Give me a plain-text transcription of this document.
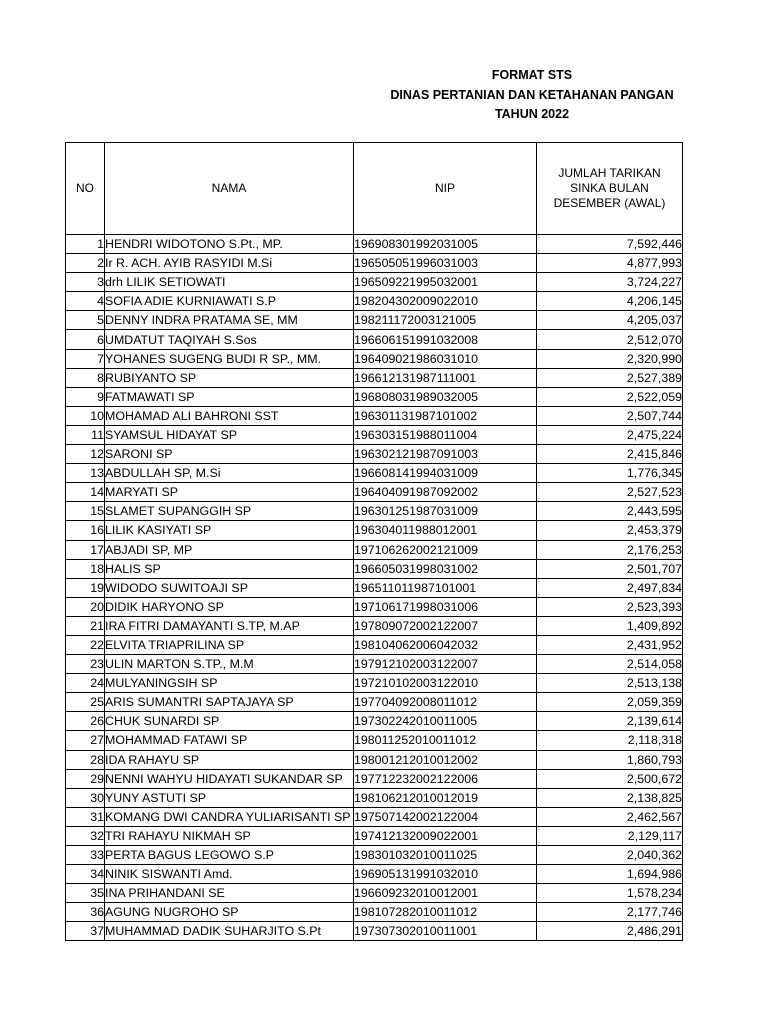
FORMAT STS
DINAS PERTANIAN DAN KETAHANAN PANGAN
TAHUN 2022
NO	NAMA	NIP	JUMLAH TARIKAN SINKA BULAN DESEMBER (AWAL)
1	HENDRI WIDOTONO S.Pt., MP.	196908301992031005	7,592,446
2	Ir R. ACH. AYIB RASYIDI M.Si	196505051996031003	4,877,993
3	drh LILIK SETIOWATI	196509221995032001	3,724,227
4	SOFIA ADIE KURNIAWATI S.P	198204302009022010	4,206,145
5	DENNY INDRA PRATAMA SE, MM	198211172003121005	4,205,037
6	UMDATUT TAQIYAH S.Sos	196606151991032008	2,512,070
7	YOHANES SUGENG BUDI R SP., MM.	196409021986031010	2,320,990
8	RUBIYANTO SP	196612131987111001	2,527,389
9	FATMAWATI SP	196808031989032005	2,522,059
10	MOHAMAD ALI BAHRONI SST	196301131987101002	2,507,744
11	SYAMSUL HIDAYAT SP	196303151988011004	2,475,224
12	SARONI SP	196302121987091003	2,415,846
13	ABDULLAH SP, M.Si	196608141994031009	1,776,345
14	MARYATI SP	196404091987092002	2,527,523
15	SLAMET SUPANGGIH SP	196301251987031009	2,443,595
16	LILIK KASIYATI SP	196304011988012001	2,453,379
17	ABJADI SP, MP	197106262002121009	2,176,253
18	HALIS SP	196605031998031002	2,501,707
19	WIDODO SUWITOAJI SP	196511011987101001	2,497,834
20	DIDIK HARYONO SP	197106171998031006	2,523,393
21	IRA FITRI DAMAYANTI S.TP, M.AP	197809072002122007	1,409,892
22	ELVITA TRIAPRILINA SP	198104062006042032	2,431,952
23	ULIN MARTON S.TP., M.M	197912102003122007	2,514,058
24	MULYANINGSIH SP	197210102003122010	2,513,138
25	ARIS SUMANTRI SAPTAJAYA SP	197704092008011012	2,059,359
26	CHUK SUNARDI SP	197302242010011005	2,139,614
27	MOHAMMAD FATAWI SP	198011252010011012	2,118,318
28	IDA RAHAYU SP	198001212010012002	1,860,793
29	NENNI WAHYU HIDAYATI SUKANDAR SP	197712232002122006	2,500,672
30	YUNY ASTUTI SP	198106212010012019	2,138,825
31	KOMANG DWI CANDRA YULIARISANTI SP	197507142002122004	2,462,567
32	TRI RAHAYU NIKMAH SP	197412132009022001	2,129,117
33	PERTA BAGUS LEGOWO S.P	198301032010011025	2,040,362
34	NINIK SISWANTI Amd.	196905131991032010	1,694,986
35	INA PRIHANDANI SE	196609232010012001	1,578,234
36	AGUNG NUGROHO SP	198107282010011012	2,177,746
37	MUHAMMAD DADIK SUHARJITO S.Pt	197307302010011001	2,486,291
